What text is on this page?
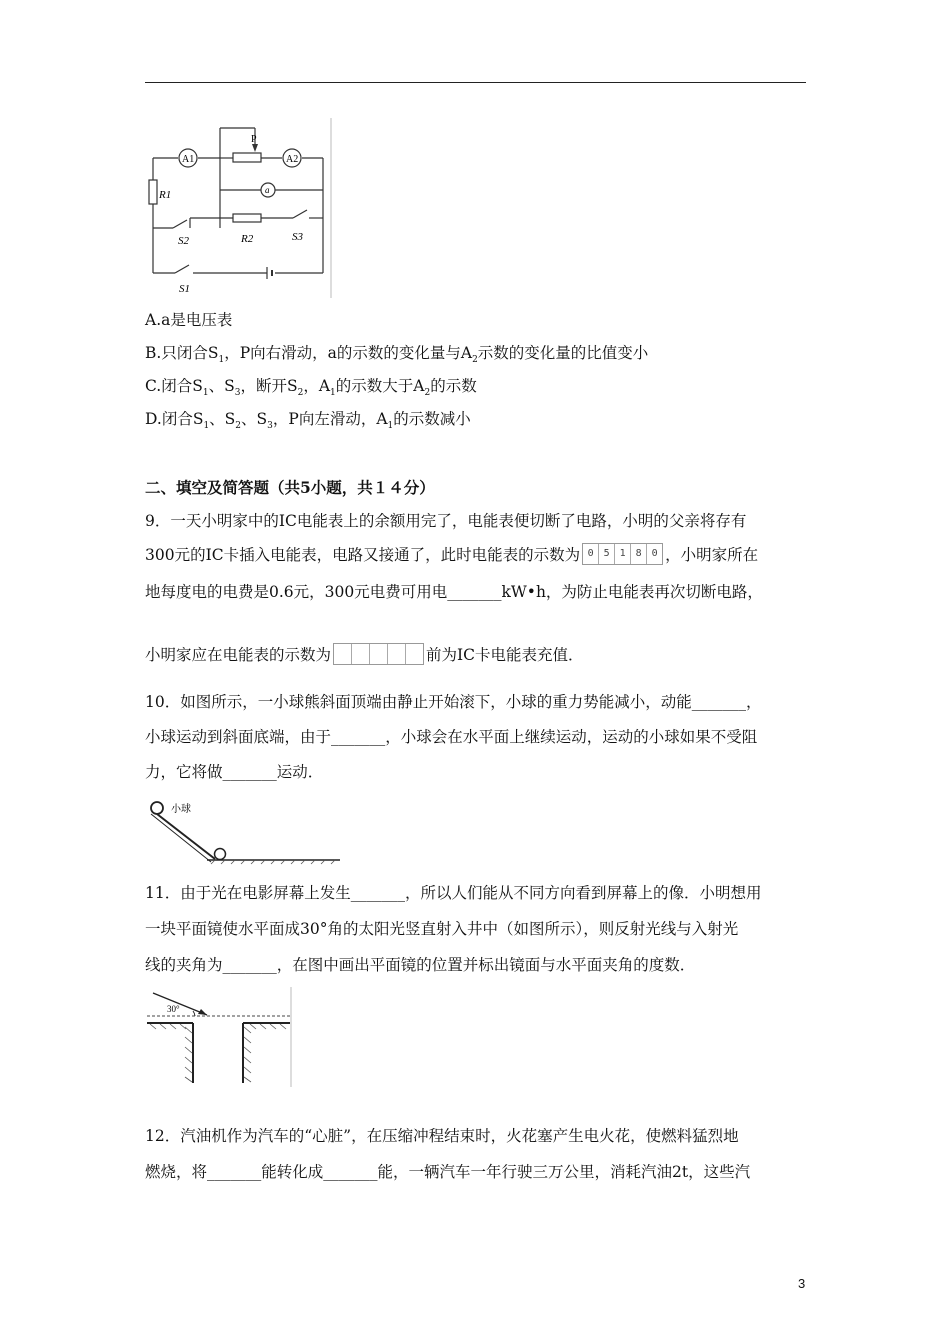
A1	A2
a
P
R1
R2
S2	S3
S1
A.a是电压表
B.只闭合$S_1$，P向右滑动，a的示数的变化量与$A_2$示数的变化量的比值变小
C.闭合$S_1$、$S_3$，断开$S_2$，$A_1$的示数大于$A_2$的示数
D.闭合$S_1$、$S_2$、$S_3$，P向左滑动，$A_1$的示数减小
二、填空及简答题（共5小题，共１４分）
9．一天小明家中的IC电能表上的余额用完了，电能表便切断了电路，小明的父亲将存有
300元的IC卡插入电能表，电路又接通了，此时电能表的示数为 0 5 1 8 0 ，小明家所在
地每度电的电费是0.6元，300元电费可用电_______kW•h，为防止电能表再次切断电路，
小明家应在电能表的示数为	前为IC卡电能表充值．
10．如图所示，一小球熊斜面顶端由静止开始滚下，小球的重力势能减小，动能_______，
小球运动到斜面底端，由于_______，小球会在水平面上继续运动，运动的小球如果不受阻
力，它将做_______运动．
小球
11．由于光在电影屏幕上发生_______，所以人们能从不同方向看到屏幕上的像．小明想用
一块平面镜使水平面成30°角的太阳光竖直射入井中（如图所示），则反射光线与入射光
线的夹角为_______，在图中画出平面镜的位置并标出镜面与水平面夹角的度数．
30°
12．汽油机作为汽车的“心脏”，在压缩冲程结束时，火花塞产生电火花，使燃料猛烈地
燃烧，将_______能转化成_______能，一辆汽车一年行驶三万公里，消耗汽油2t，这些汽
3
